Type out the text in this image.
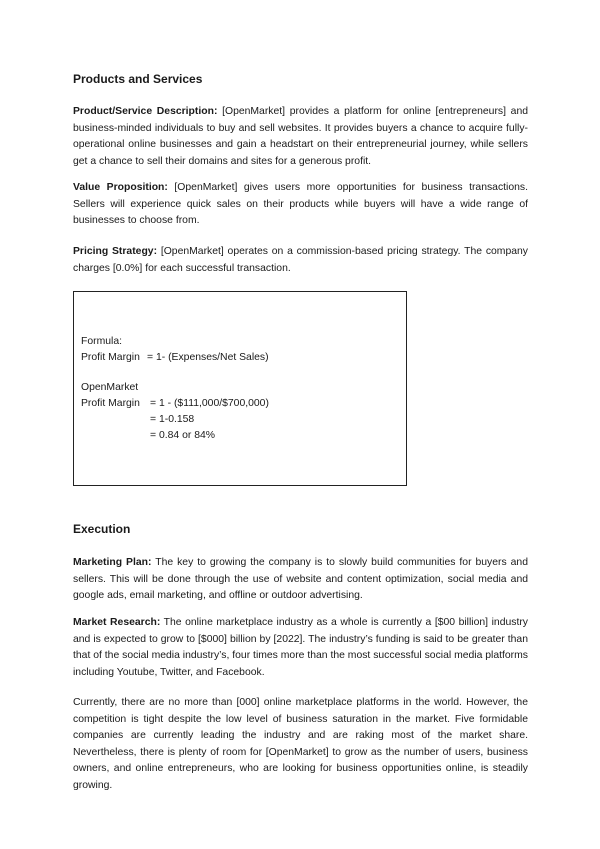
Products and Services

Product/Service Description: [OpenMarket] provides a platform for online [entrepreneurs] and business-minded individuals to buy and sell websites. It provides buyers a chance to acquire fully-operational online businesses and gain a headstart on their entrepreneurial journey, while sellers get a chance to sell their domains and sites for a generous profit.

Value Proposition: [OpenMarket] gives users more opportunities for business transactions. Sellers will experience quick sales on their products while buyers will have a wide range of businesses to choose from.

Pricing Strategy: [OpenMarket] operates on a commission-based pricing strategy. The company charges [0.0%] for each successful transaction.

Formula:

Profit Margin = 1- (Expenses/Net Sales)

OpenMarket

Profit Margin = 1 - ($111,000/$700,000)

= 1-0.158

= 0.84 or 84%

Execution

Marketing Plan: The key to growing the company is to slowly build communities for buyers and sellers. This will be done through the use of website and content optimization, social media and google ads, email marketing, and offline or outdoor advertising.

Market Research: The online marketplace industry as a whole is currently a [$00 billion] industry and is expected to grow to [$000] billion by [2022]. The industry’s funding is said to be greater than that of the social media industry’s, four times more than the most successful social media platforms including Youtube, Twitter, and Facebook.

Currently, there are no more than [000] online marketplace platforms in the world. However, the competition is tight despite the low level of business saturation in the market. Five formidable companies are currently leading the industry and are raking most of the market share. Nevertheless, there is plenty of room for [OpenMarket] to grow as the number of users, business owners, and online entrepreneurs, who are looking for business opportunities online, is steadily growing.
